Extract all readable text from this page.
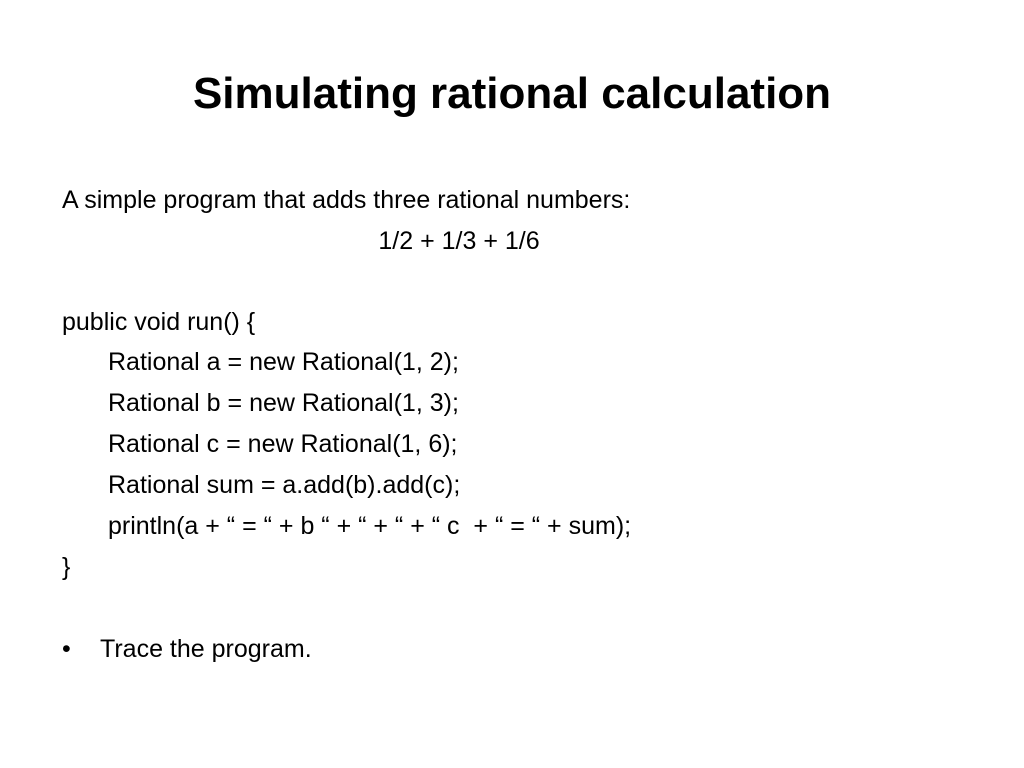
Simulating rational calculation
A simple program that adds three rational numbers:
1/2 + 1/3 + 1/6
public void run() {
Rational a = new Rational(1, 2);
Rational b = new Rational(1, 3);
Rational c = new Rational(1, 6);
Rational sum = a.add(b).add(c);
println(a + “ = “ + b “ + “ + “ + “ c  + “ = “ + sum);
}
• Trace the program.
